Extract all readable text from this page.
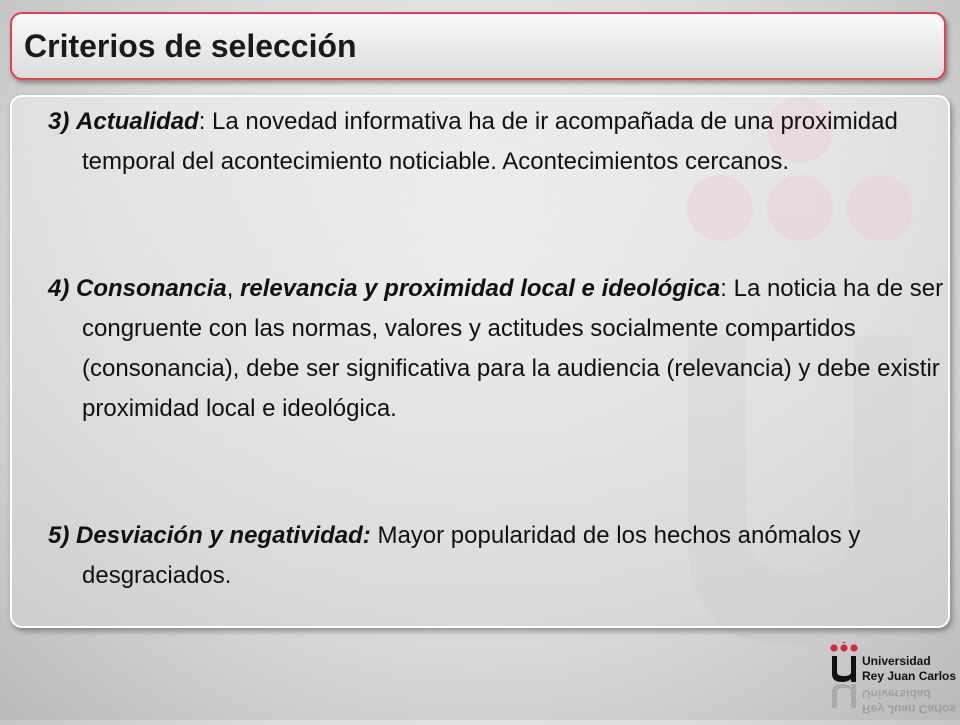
Criterios de selección
3) Actualidad: La novedad informativa ha de ir acompañada de una proximidad temporal del acontecimiento noticiable. Acontecimientos cercanos.
4) Consonancia, relevancia y proximidad local e ideológica: La noticia ha de ser congruente con las normas, valores y actitudes socialmente compartidos (consonancia), debe ser significativa para la audiencia (relevancia) y debe existir proximidad local e ideológica.
5) Desviación y negatividad: Mayor popularidad de los hechos anómalos y desgraciados.
Universidad
Rey Juan Carlos
Rey Juan Carlos
Universidad
